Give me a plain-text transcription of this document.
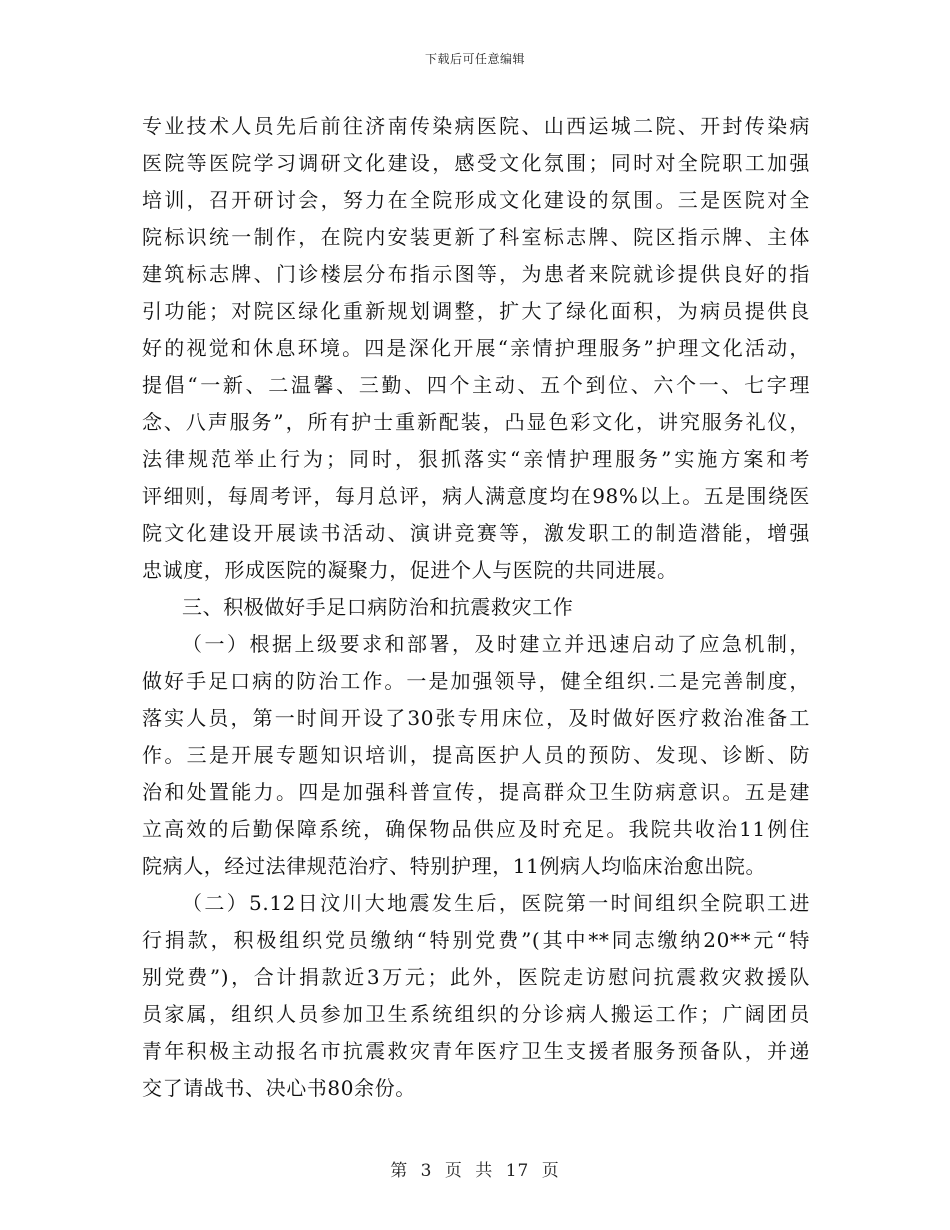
下载后可任意编辑
专业技术人员先后前往济南传染病医院、山西运城二院、开封传染病
医院等医院学习调研文化建设，感受文化氛围；同时对全院职工加强
培训，召开研讨会，努力在全院形成文化建设的氛围。三是医院对全
院标识统一制作，在院内安装更新了科室标志牌、院区指示牌、主体
建筑标志牌、门诊楼层分布指示图等，为患者来院就诊提供良好的指
引功能；对院区绿化重新规划调整，扩大了绿化面积，为病员提供良
好的视觉和休息环境。四是深化开展“亲情护理服务”护理文化活动，
提倡“一新、二温馨、三勤、四个主动、五个到位、六个一、七字理
念、八声服务”，所有护士重新配装，凸显色彩文化，讲究服务礼仪，
法律规范举止行为；同时，狠抓落实“亲情护理服务”实施方案和考
评细则，每周考评，每月总评，病人满意度均在98%以上。五是围绕医
院文化建设开展读书活动、演讲竞赛等，激发职工的制造潜能，增强
忠诚度，形成医院的凝聚力，促进个人与医院的共同进展。
三、积极做好手足口病防治和抗震救灾工作
（一）根据上级要求和部署，及时建立并迅速启动了应急机制，
做好手足口病的防治工作。一是加强领导，健全组织.二是完善制度，
落实人员，第一时间开设了30张专用床位，及时做好医疗救治准备工
作。三是开展专题知识培训，提高医护人员的预防、发现、诊断、防
治和处置能力。四是加强科普宣传，提高群众卫生防病意识。五是建
立高效的后勤保障系统，确保物品供应及时充足。我院共收治11例住
院病人，经过法律规范治疗、特别护理，11例病人均临床治愈出院。
（二）5.12日汶川大地震发生后，医院第一时间组织全院职工进
行捐款，积极组织党员缴纳“特别党费”(其中**同志缴纳20**元“特
别党费”)，合计捐款近3万元；此外，医院走访慰问抗震救灾救援队
员家属，组织人员参加卫生系统组织的分诊病人搬运工作；广阔团员
青年积极主动报名市抗震救灾青年医疗卫生支援者服务预备队，并递
交了请战书、决心书80余份。
第 3 页 共 17 页
